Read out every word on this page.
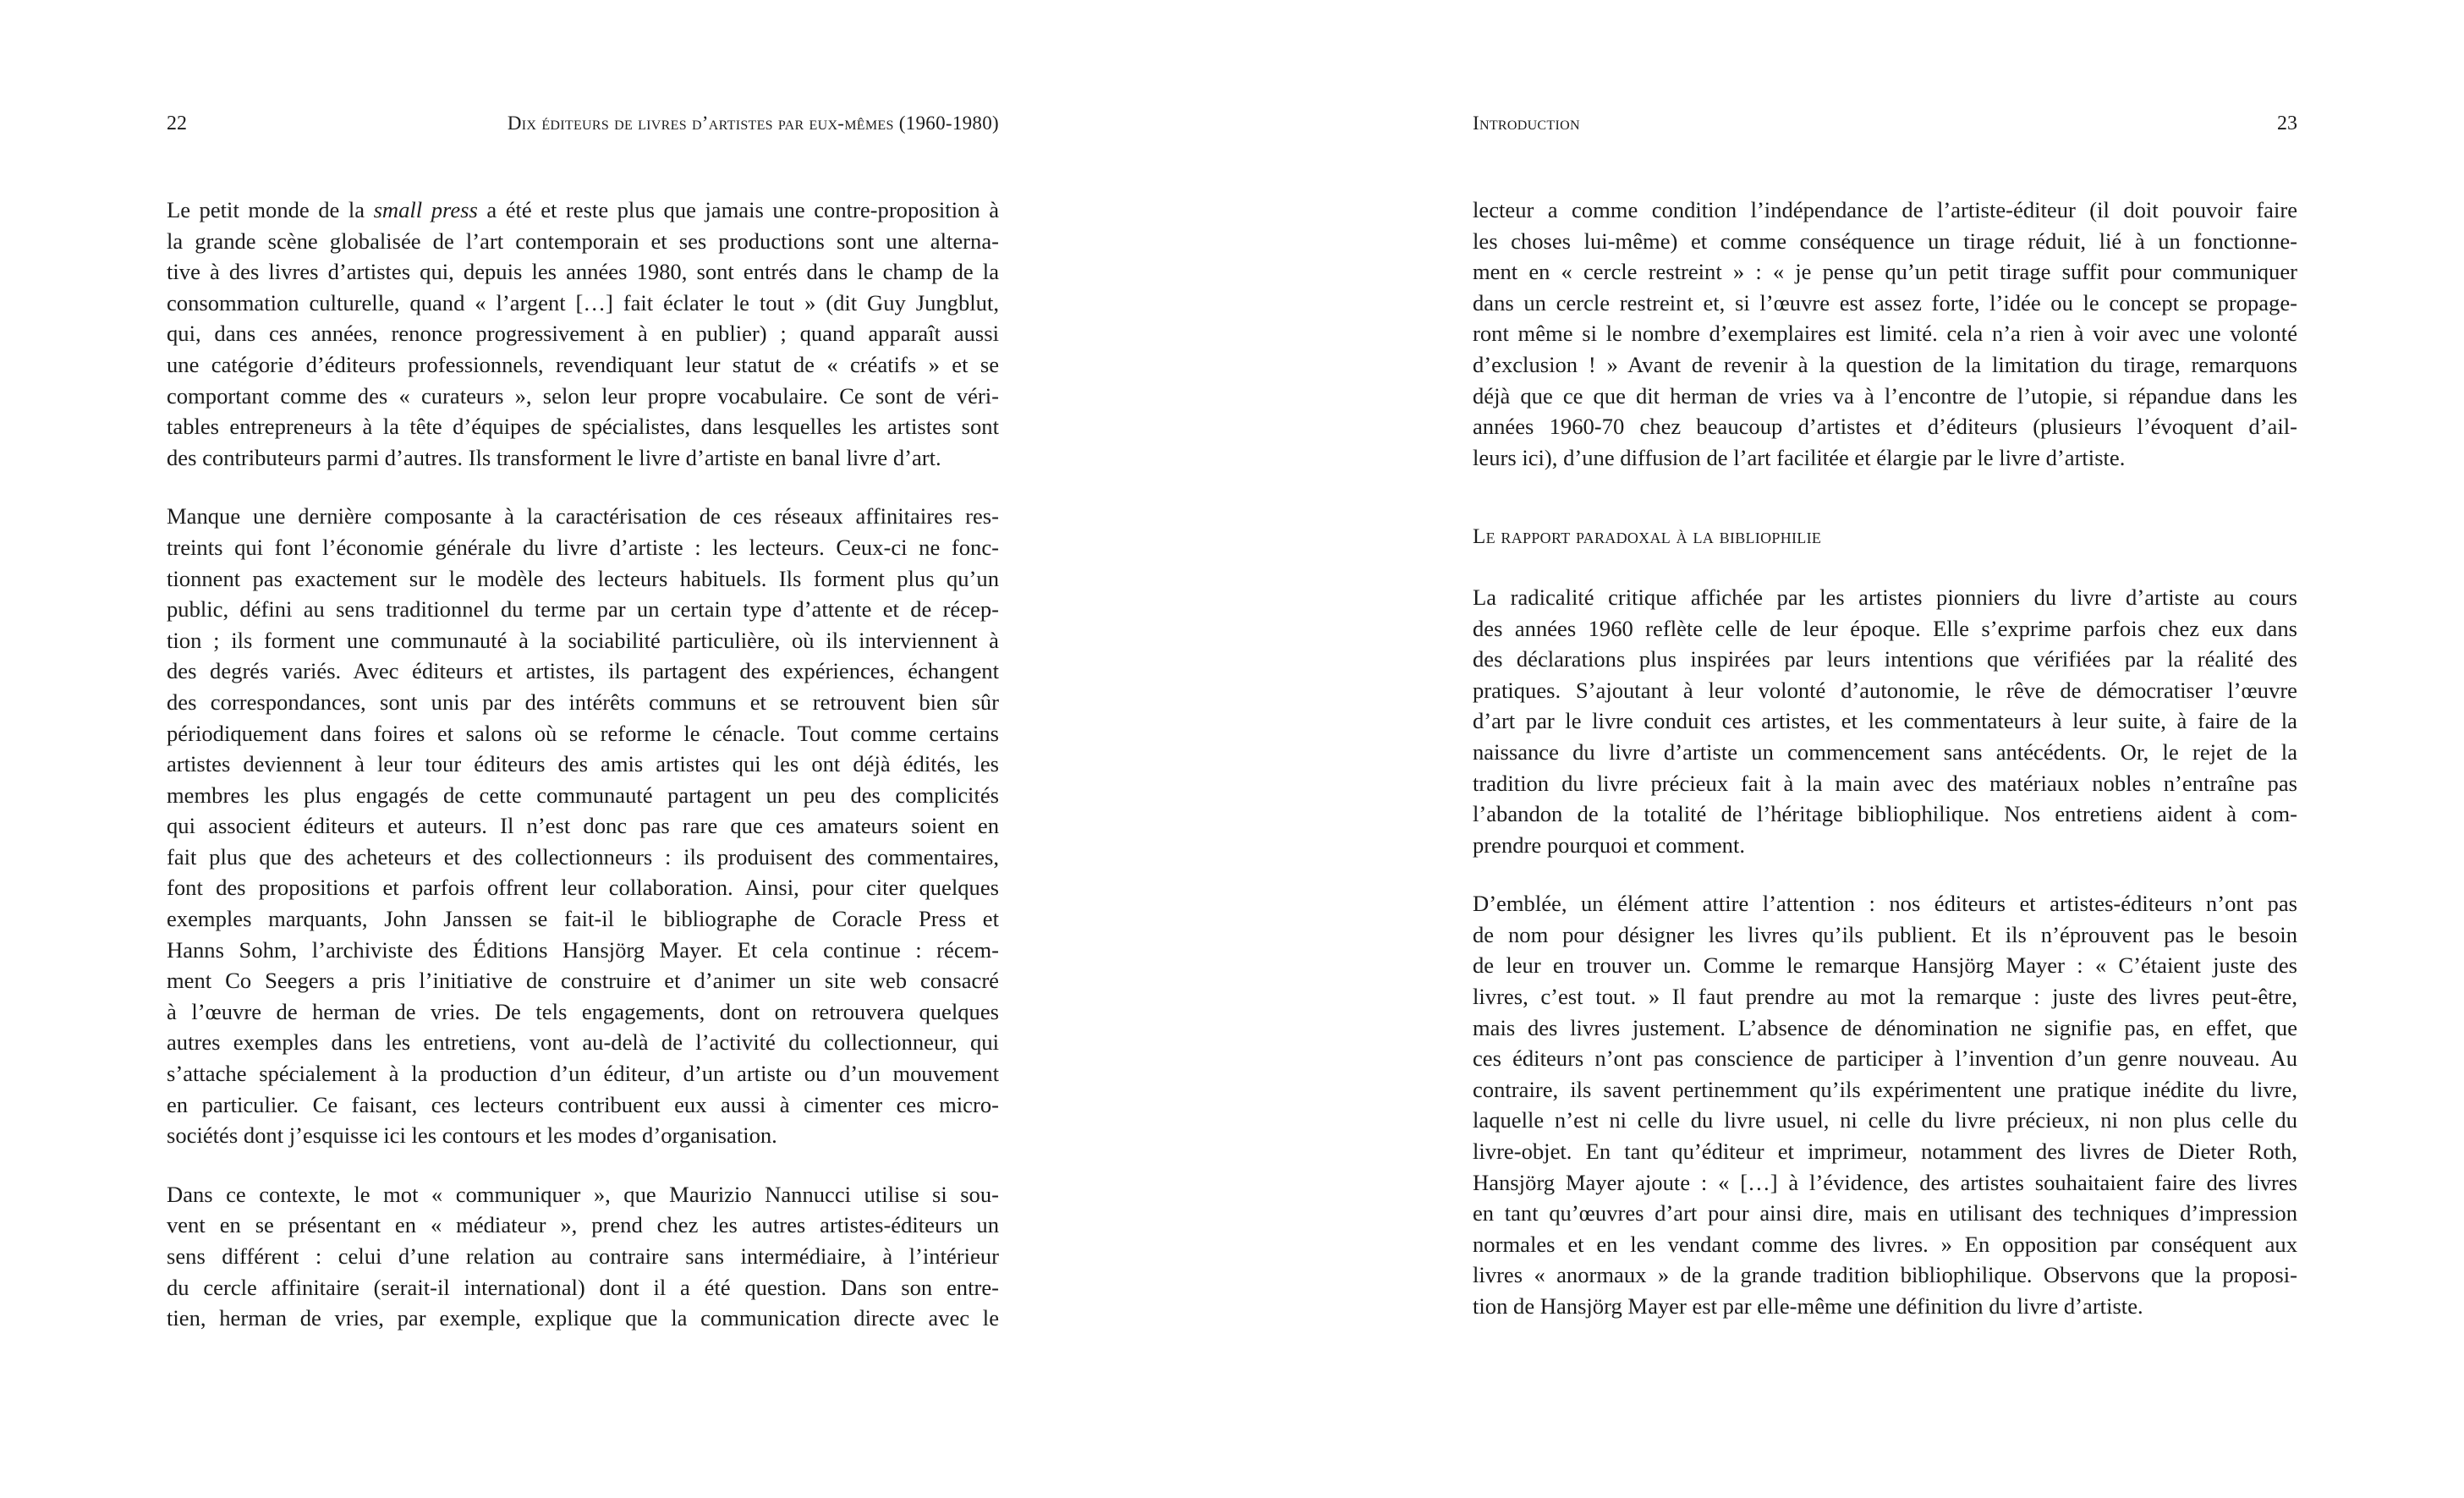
22	Dix éditeurs de livres d’artistes par eux-mêmes (1960-1980)
Le petit monde de la small press a été et reste plus que jamais une contre-proposition à
la grande scène globalisée de l’art contemporain et ses productions sont une alterna-
tive à des livres d’artistes qui, depuis les années 1980, sont entrés dans le champ de la
consommation culturelle, quand « l’argent […] fait éclater le tout » (dit Guy Jungblut,
qui, dans ces années, renonce progressivement à en publier) ; quand apparaît aussi
une catégorie d’éditeurs professionnels, revendiquant leur statut de « créatifs » et se
comportant comme des « curateurs », selon leur propre vocabulaire. Ce sont de véri-
tables entrepreneurs à la tête d’équipes de spécialistes, dans lesquelles les artistes sont
des contributeurs parmi d’autres. Ils transforment le livre d’artiste en banal livre d’art.
Manque une dernière composante à la caractérisation de ces réseaux affinitaires res-
treints qui font l’économie générale du livre d’artiste : les lecteurs. Ceux-ci ne fonc-
tionnent pas exactement sur le modèle des lecteurs habituels. Ils forment plus qu’un
public, défini au sens traditionnel du terme par un certain type d’attente et de récep-
tion ; ils forment une communauté à la sociabilité particulière, où ils interviennent à
des degrés variés. Avec éditeurs et artistes, ils partagent des expériences, échangent
des correspondances, sont unis par des intérêts communs et se retrouvent bien sûr
périodiquement dans foires et salons où se reforme le cénacle. Tout comme certains
artistes deviennent à leur tour éditeurs des amis artistes qui les ont déjà édités, les
membres les plus engagés de cette communauté partagent un peu des complicités
qui associent éditeurs et auteurs. Il n’est donc pas rare que ces amateurs soient en
fait plus que des acheteurs et des collectionneurs : ils produisent des commentaires,
font des propositions et parfois offrent leur collaboration. Ainsi, pour citer quelques
exemples marquants, John Janssen se fait-il le bibliographe de Coracle Press et
Hanns Sohm, l’archiviste des Éditions Hansjörg Mayer. Et cela continue : récem-
ment Co Seegers a pris l’initiative de construire et d’animer un site web consacré
à l’œuvre de herman de vries. De tels engagements, dont on retrouvera quelques
autres exemples dans les entretiens, vont au-delà de l’activité du collectionneur, qui
s’attache spécialement à la production d’un éditeur, d’un artiste ou d’un mouvement
en particulier. Ce faisant, ces lecteurs contribuent eux aussi à cimenter ces micro-
sociétés dont j’esquisse ici les contours et les modes d’organisation.
Dans ce contexte, le mot « communiquer », que Maurizio Nannucci utilise si sou-
vent en se présentant en « médiateur », prend chez les autres artistes-éditeurs un
sens différent : celui d’une relation au contraire sans intermédiaire, à l’intérieur
du cercle affinitaire (serait-il international) dont il a été question. Dans son entre-
tien, herman de vries, par exemple, explique que la communication directe avec le
Introduction	23
lecteur a comme condition l’indépendance de l’artiste-éditeur (il doit pouvoir faire
les choses lui-même) et comme conséquence un tirage réduit, lié à un fonctionne-
ment en « cercle restreint » : « je pense qu’un petit tirage suffit pour communiquer
dans un cercle restreint et, si l’œuvre est assez forte, l’idée ou le concept se propage-
ront même si le nombre d’exemplaires est limité. cela n’a rien à voir avec une volonté
d’exclusion ! » Avant de revenir à la question de la limitation du tirage, remarquons
déjà que ce que dit herman de vries va à l’encontre de l’utopie, si répandue dans les
années 1960-70 chez beaucoup d’artistes et d’éditeurs (plusieurs l’évoquent d’ail-
leurs ici), d’une diffusion de l’art facilitée et élargie par le livre d’artiste.
Le rapport paradoxal à la bibliophilie
La radicalité critique affichée par les artistes pionniers du livre d’artiste au cours
des années 1960 reflète celle de leur époque. Elle s’exprime parfois chez eux dans
des déclarations plus inspirées par leurs intentions que vérifiées par la réalité des
pratiques. S’ajoutant à leur volonté d’autonomie, le rêve de démocratiser l’œuvre
d’art par le livre conduit ces artistes, et les commentateurs à leur suite, à faire de la
naissance du livre d’artiste un commencement sans antécédents. Or, le rejet de la
tradition du livre précieux fait à la main avec des matériaux nobles n’entraîne pas
l’abandon de la totalité de l’héritage bibliophilique. Nos entretiens aident à com-
prendre pourquoi et comment.
D’emblée, un élément attire l’attention : nos éditeurs et artistes-éditeurs n’ont pas
de nom pour désigner les livres qu’ils publient. Et ils n’éprouvent pas le besoin
de leur en trouver un. Comme le remarque Hansjörg Mayer : « C’étaient juste des
livres, c’est tout. » Il faut prendre au mot la remarque : juste des livres peut-être,
mais des livres justement. L’absence de dénomination ne signifie pas, en effet, que
ces éditeurs n’ont pas conscience de participer à l’invention d’un genre nouveau. Au
contraire, ils savent pertinemment qu’ils expérimentent une pratique inédite du livre,
laquelle n’est ni celle du livre usuel, ni celle du livre précieux, ni non plus celle du
livre-objet. En tant qu’éditeur et imprimeur, notamment des livres de Dieter Roth,
Hansjörg Mayer ajoute : « […] à l’évidence, des artistes souhaitaient faire des livres
en tant qu’œuvres d’art pour ainsi dire, mais en utilisant des techniques d’impression
normales et en les vendant comme des livres. » En opposition par conséquent aux
livres « anormaux » de la grande tradition bibliophilique. Observons que la proposi-
tion de Hansjörg Mayer est par elle-même une définition du livre d’artiste.
